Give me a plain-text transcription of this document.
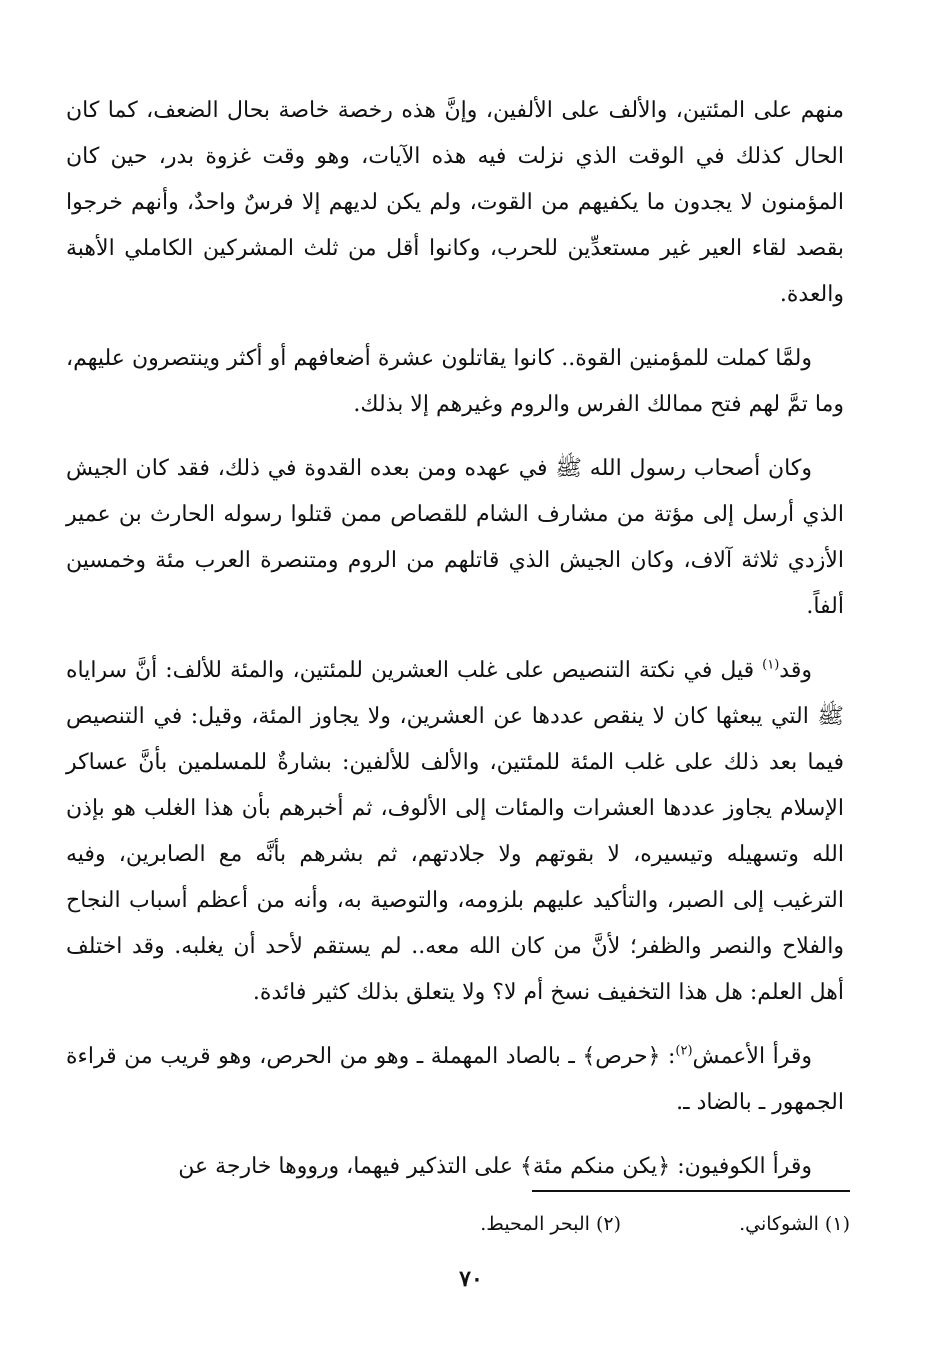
منهم على المئتين، والألف على الألفين، وإنَّ هذه رخصة خاصة بحال الضعف، كما كان الحال كذلك في الوقت الذي نزلت فيه هذه الآيات، وهو وقت غزوة بدر، حين كان المؤمنون لا يجدون ما يكفيهم من القوت، ولم يكن لديهم إلا فرسٌ واحدٌ، وأنهم خرجوا بقصد لقاء العير غير مستعدِّين للحرب، وكانوا أقل من ثلث المشركين الكاملي الأهبة والعدة.

ولمَّا كملت للمؤمنين القوة.. كانوا يقاتلون عشرة أضعافهم أو أكثر وينتصرون عليهم، وما تمَّ لهم فتح ممالك الفرس والروم وغيرهم إلا بذلك.

وكان أصحاب رسول الله ﷺ في عهده ومن بعده القدوة في ذلك، فقد كان الجيش الذي أرسل إلى مؤتة من مشارف الشام للقصاص ممن قتلوا رسوله الحارث بن عمير الأزدي ثلاثة آلاف، وكان الجيش الذي قاتلهم من الروم ومتنصرة العرب مئة وخمسين ألفاً.

وقد$^{(١)}$ قيل في نكتة التنصيص على غلب العشرين للمئتين، والمئة للألف: أنَّ سراياه ﷺ التي يبعثها كان لا ينقص عددها عن العشرين، ولا يجاوز المئة، وقيل: في التنصيص فيما بعد ذلك على غلب المئة للمئتين، والألف للألفين: بشارةٌ للمسلمين بأنَّ عساكر الإسلام يجاوز عددها العشرات والمئات إلى الألوف، ثم أخبرهم بأن هذا الغلب هو بإذن الله وتسهيله وتيسيره، لا بقوتهم ولا جلادتهم، ثم بشرهم بأنَّه مع الصابرين، وفيه الترغيب إلى الصبر، والتأكيد عليهم بلزومه، والتوصية به، وأنه من أعظم أسباب النجاح والفلاح والنصر والظفر؛ لأنَّ من كان الله معه.. لم يستقم لأحد أن يغلبه. وقد اختلف أهل العلم: هل هذا التخفيف نسخ أم لا؟ ولا يتعلق بذلك كثير فائدة.

وقرأ الأعمش$^{(٢)}$: ﴿حرص﴾ ـ بالصاد المهملة ـ وهو من الحرص، وهو قريب من قراءة الجمهور ـ بالضاد ـ.

وقرأ الكوفيون: ﴿يكن منكم مئة﴾ على التذكير فيهما، ورووها خارجة عن

(١) الشوكاني.
(٢) البحر المحيط.
٧٠
